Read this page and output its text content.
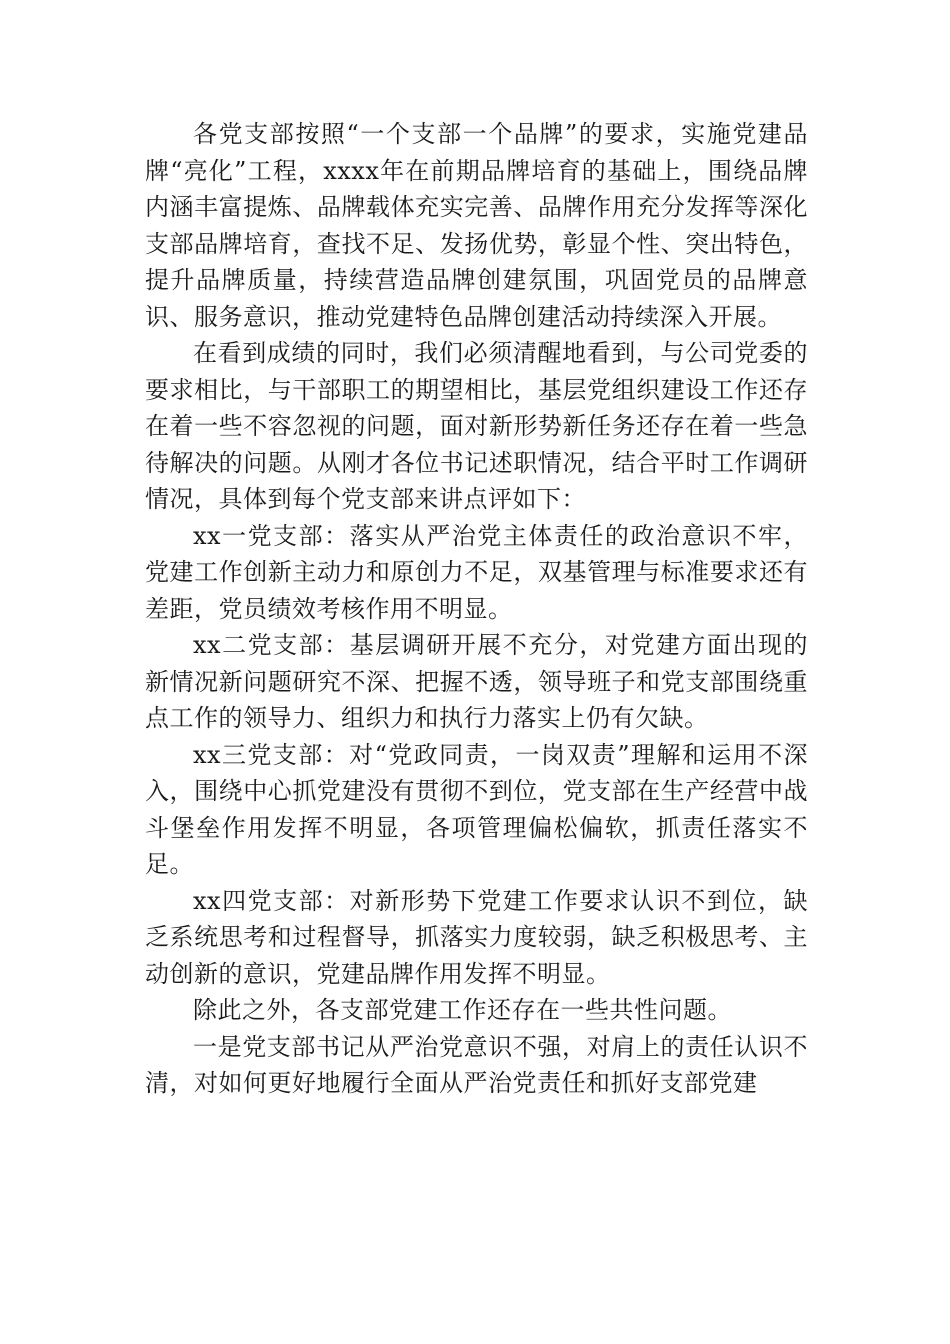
各党支部按照“一个支部一个品牌”的要求，实施党建品牌“亮化”工程，xxxx年在前期品牌培育的基础上，围绕品牌内涵丰富提炼、品牌载体充实完善、品牌作用充分发挥等深化支部品牌培育，查找不足、发扬优势，彰显个性、突出特色，提升品牌质量，持续营造品牌创建氛围，巩固党员的品牌意识、服务意识，推动党建特色品牌创建活动持续深入开展。

在看到成绩的同时，我们必须清醒地看到，与公司党委的要求相比，与干部职工的期望相比，基层党组织建设工作还存在着一些不容忽视的问题，面对新形势新任务还存在着一些急待解决的问题。从刚才各位书记述职情况，结合平时工作调研情况，具体到每个党支部来讲点评如下：

xx一党支部：落实从严治党主体责任的政治意识不牢，党建工作创新主动力和原创力不足，双基管理与标准要求还有差距，党员绩效考核作用不明显。

xx二党支部：基层调研开展不充分，对党建方面出现的新情况新问题研究不深、把握不透，领导班子和党支部围绕重点工作的领导力、组织力和执行力落实上仍有欠缺。

xx三党支部：对“党政同责，一岗双责”理解和运用不深入，围绕中心抓党建没有贯彻不到位，党支部在生产经营中战斗堡垒作用发挥不明显，各项管理偏松偏软，抓责任落实不足。

xx四党支部：对新形势下党建工作要求认识不到位，缺乏系统思考和过程督导，抓落实力度较弱，缺乏积极思考、主动创新的意识，党建品牌作用发挥不明显。

除此之外，各支部党建工作还存在一些共性问题。

一是党支部书记从严治党意识不强，对肩上的责任认识不清，对如何更好地履行全面从严治党责任和抓好支部党建
